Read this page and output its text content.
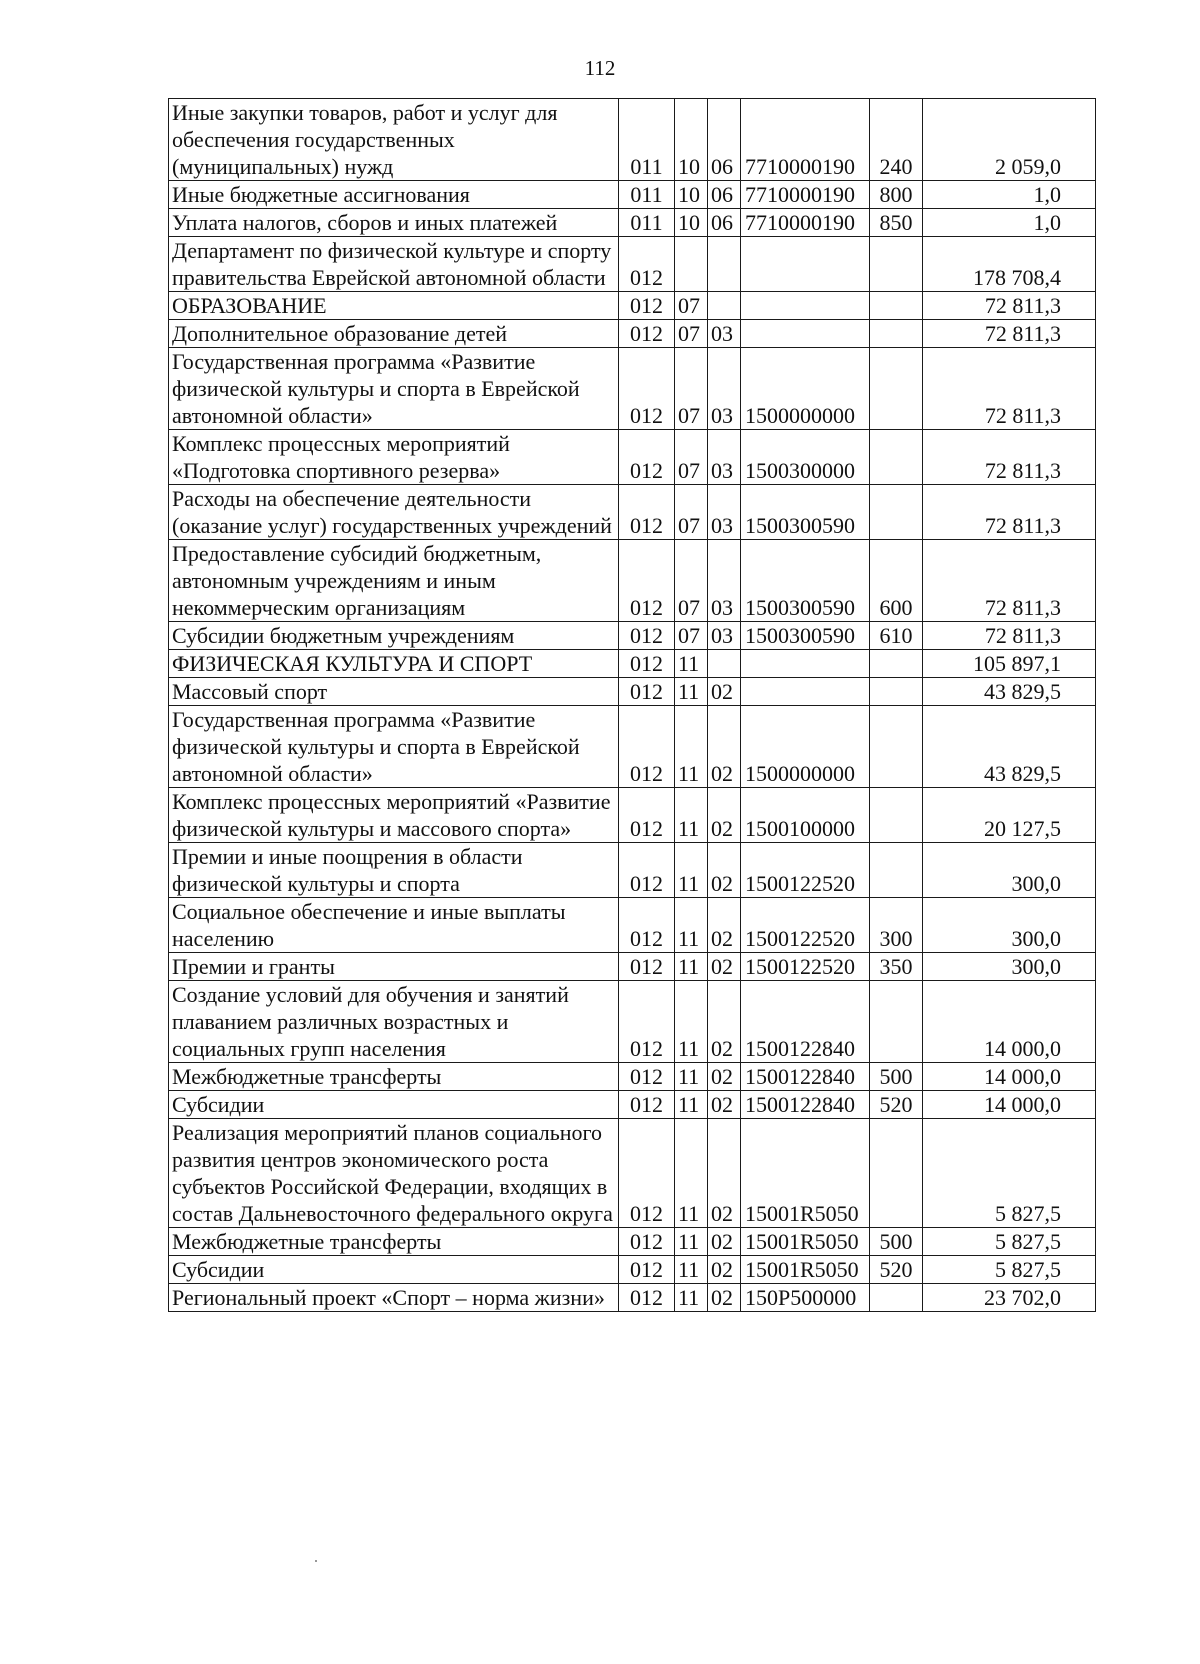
112
Иные закупки товаров, работ и услуг для обеспечения государственных (муниципальных) нужд	011	10	06	7710000190	240	2 059,0
Иные бюджетные ассигнования	011	10	06	7710000190	800	1,0
Уплата налогов, сборов и иных платежей	011	10	06	7710000190	850	1,0
Департамент по физической культуре и спорту правительства Еврейской автономной области	012					178 708,4
ОБРАЗОВАНИЕ	012	07				72 811,3
Дополнительное образование детей	012	07	03			72 811,3
Государственная программа «Развитие физической культуры и спорта в Еврейской автономной области»	012	07	03	1500000000		72 811,3
Комплекс процессных мероприятий «Подготовка спортивного резерва»	012	07	03	1500300000		72 811,3
Расходы на обеспечение деятельности (оказание услуг) государственных учреждений	012	07	03	1500300590		72 811,3
Предоставление субсидий бюджетным, автономным учреждениям и иным некоммерческим организациям	012	07	03	1500300590	600	72 811,3
Субсидии бюджетным учреждениям	012	07	03	1500300590	610	72 811,3
ФИЗИЧЕСКАЯ КУЛЬТУРА И СПОРТ	012	11				105 897,1
Массовый спорт	012	11	02			43 829,5
Государственная программа «Развитие физической культуры и спорта в Еврейской автономной области»	012	11	02	1500000000		43 829,5
Комплекс процессных мероприятий «Развитие физической культуры и массового спорта»	012	11	02	1500100000		20 127,5
Премии и иные поощрения в области физической культуры и спорта	012	11	02	1500122520		300,0
Социальное обеспечение и иные выплаты населению	012	11	02	1500122520	300	300,0
Премии и гранты	012	11	02	1500122520	350	300,0
Создание условий для обучения и занятий плаванием различных возрастных и социальных групп населения	012	11	02	1500122840		14 000,0
Межбюджетные трансферты	012	11	02	1500122840	500	14 000,0
Субсидии	012	11	02	1500122840	520	14 000,0
Реализация мероприятий планов социального развития центров экономического роста субъектов Российской Федерации, входящих в состав Дальневосточного федерального округа	012	11	02	15001R5050		5 827,5
Межбюджетные трансферты	012	11	02	15001R5050	500	5 827,5
Субсидии	012	11	02	15001R5050	520	5 827,5
Региональный проект «Спорт – норма жизни»	012	11	02	150P500000		23 702,0
